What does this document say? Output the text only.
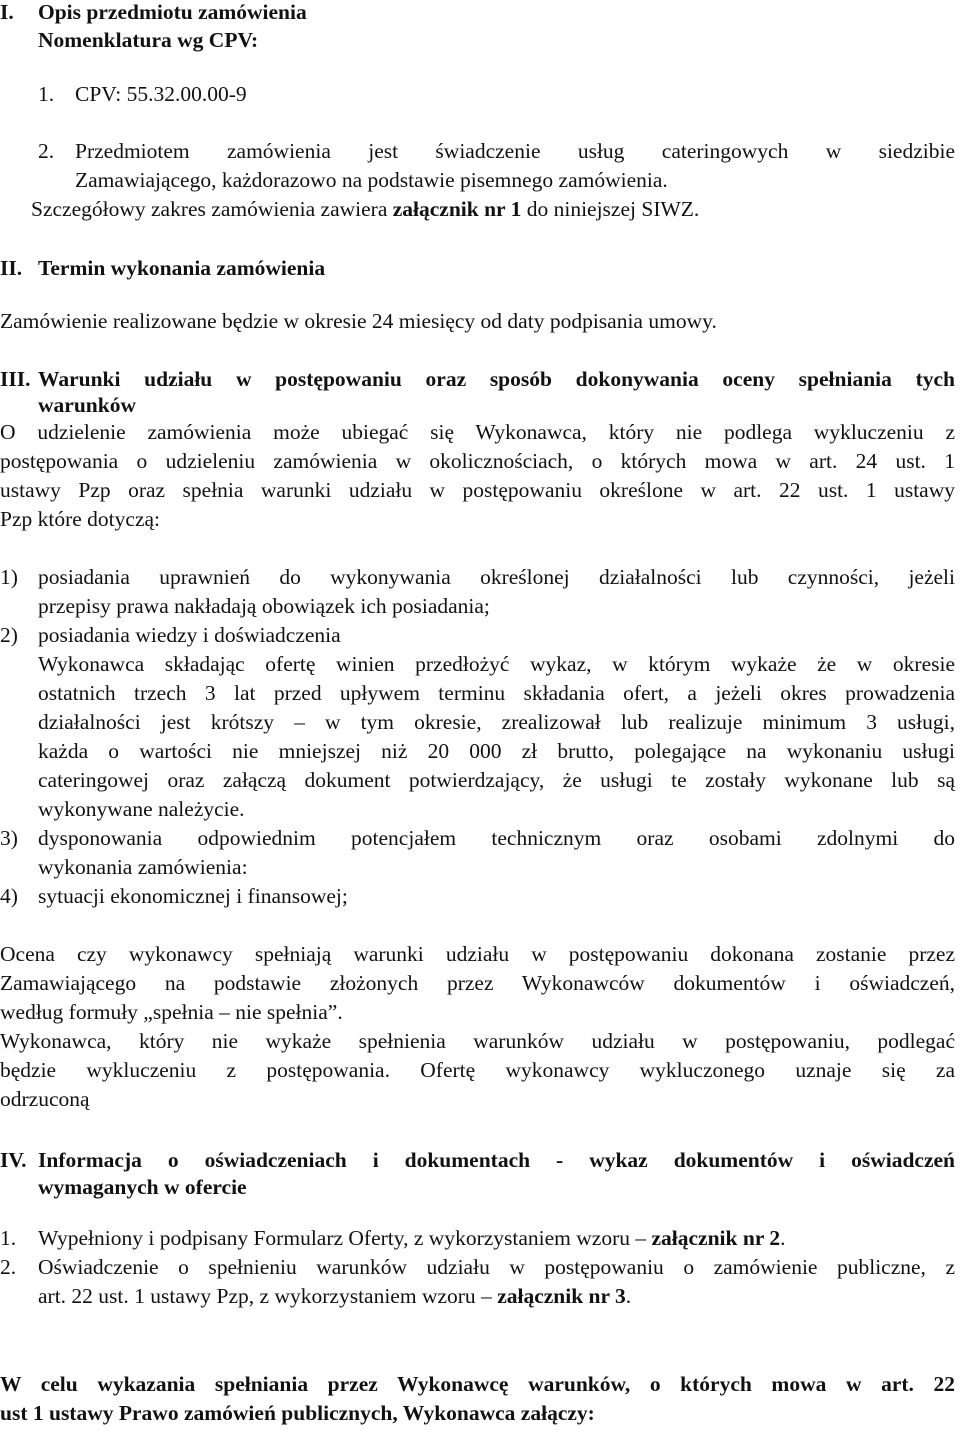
I. Opis przedmiotu zamówienia
Nomenklatura wg CPV:
1. CPV: 55.32.00.00-9
2. Przedmiotem zamówienia jest świadczenie usług cateringowych w siedzibie
Zamawiającego, każdorazowo na podstawie pisemnego zamówienia.
Szczegółowy zakres zamówienia zawiera załącznik nr 1 do niniejszej SIWZ.
II. Termin wykonania zamówienia
Zamówienie realizowane będzie w okresie 24 miesięcy od daty podpisania umowy.
III. Warunki udziału w postępowaniu oraz sposób dokonywania oceny spełniania tych
warunków
O udzielenie zamówienia może ubiegać się Wykonawca, który nie podlega wykluczeniu z
postępowania o udzieleniu zamówienia w okolicznościach, o których mowa w art. 24 ust. 1
ustawy Pzp oraz spełnia warunki udziału w postępowaniu określone w art. 22 ust. 1 ustawy
Pzp które dotyczą:
1) posiadania uprawnień do wykonywania określonej działalności lub czynności, jeżeli
przepisy prawa nakładają obowiązek ich posiadania;
2) posiadania wiedzy i doświadczenia
Wykonawca składając ofertę winien przedłożyć wykaz, w którym wykaże że w okresie
ostatnich trzech 3 lat przed upływem terminu składania ofert, a jeżeli okres prowadzenia
działalności jest krótszy – w tym okresie, zrealizował lub realizuje minimum 3 usługi,
każda o wartości nie mniejszej niż 20 000 zł brutto, polegające na wykonaniu usługi
cateringowej oraz załączą dokument potwierdzający, że usługi te zostały wykonane lub są
wykonywane należycie.
3) dysponowania odpowiednim potencjałem technicznym oraz osobami zdolnymi do
wykonania zamówienia:
4) sytuacji ekonomicznej i finansowej;
Ocena czy wykonawcy spełniają warunki udziału w postępowaniu dokonana zostanie przez
Zamawiającego na podstawie złożonych przez Wykonawców dokumentów i oświadczeń,
według formuły „spełnia – nie spełnia”.
Wykonawca, który nie wykaże spełnienia warunków udziału w postępowaniu, podlegać
będzie wykluczeniu z postępowania. Ofertę wykonawcy wykluczonego uznaje się za
odrzuconą
IV. Informacja o oświadczeniach i dokumentach - wykaz dokumentów i oświadczeń
wymaganych w ofercie
1. Wypełniony i podpisany Formularz Oferty, z wykorzystaniem wzoru – załącznik nr 2.
2. Oświadczenie o spełnieniu warunków udziału w postępowaniu o zamówienie publiczne, z
art. 22 ust. 1 ustawy Pzp, z wykorzystaniem wzoru – załącznik nr 3.
W celu wykazania spełniania przez Wykonawcę warunków, o których mowa w art. 22
ust 1 ustawy Prawo zamówień publicznych, Wykonawca załączy:
